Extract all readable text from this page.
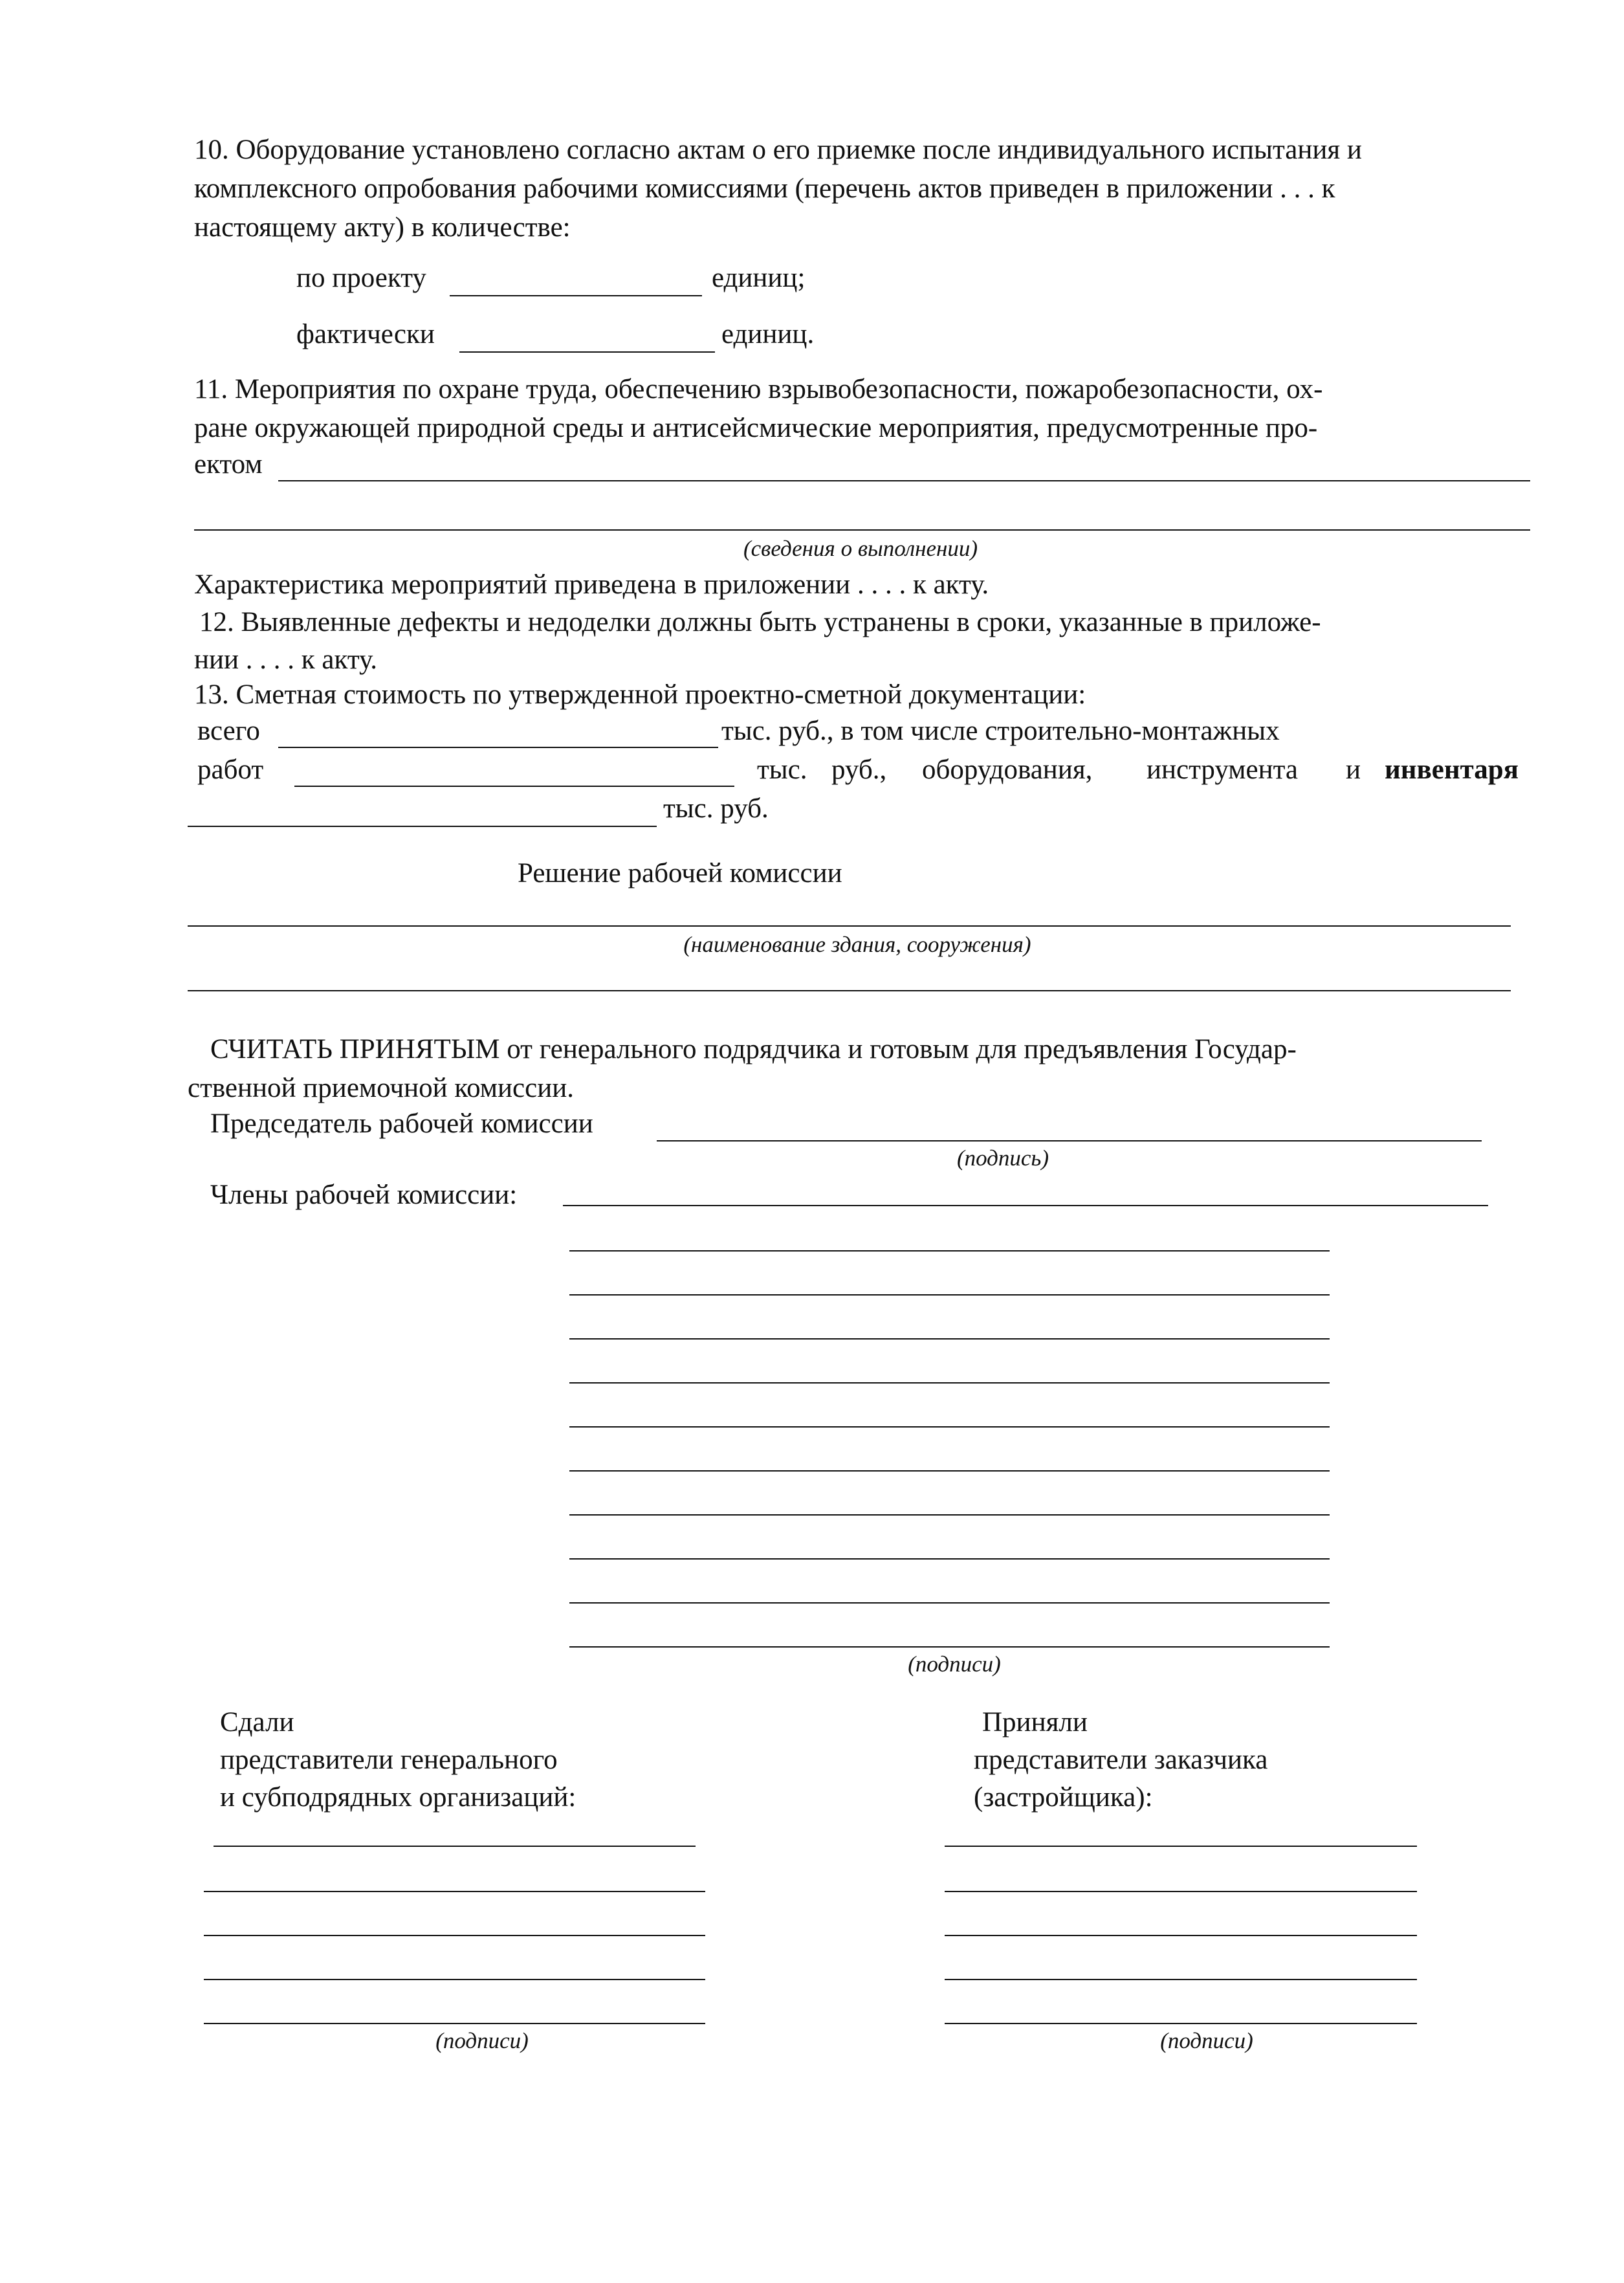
10. Оборудование установлено согласно актам о его приемке после индивидуального испытания и
комплексного опробования рабочими комиссиями (перечень актов приведен в приложении . . . к
настоящему акту) в количестве:
по проекту	единиц;
фактически	единиц.
11. Мероприятия по охране труда, обеспечению взрывобезопасности, пожаробезопасности, ох-
ране окружающей природной среды и антисейсмические мероприятия, предусмотренные про-
ектом
(сведения о выполнении)
Характеристика мероприятий приведена в приложении . . . . к акту.
12. Выявленные дефекты и недоделки должны быть устранены в сроки, указанные в приложе-
нии . . . . к акту.
13. Сметная стоимость по утвержденной проектно-сметной документации:
всего	тыс. руб., в том числе строительно-монтажных
работ	тыс. руб., оборудования, инструмента и инвентаря
тыс. руб.
Решение рабочей комиссии
(наименование здания, сооружения)
СЧИТАТЬ ПРИНЯТЫМ от генерального подрядчика и готовым для предъявления Государ-
ственной приемочной комиссии.
Председатель рабочей комиссии
(подпись)
Члены рабочей комиссии:
(подписи)
Сдали
представители генерального
и субподрядных организаций:
Приняли
представители заказчика
(застройщика):
(подписи)	(подписи)
